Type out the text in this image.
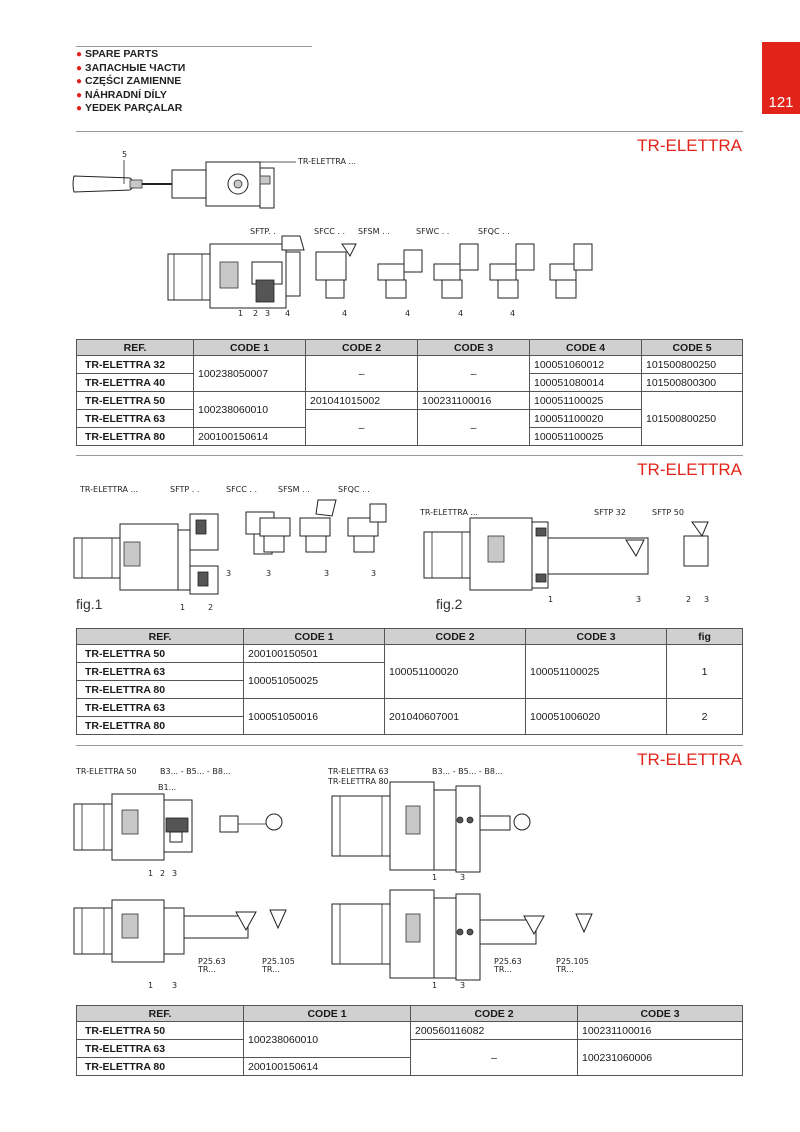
● SPARE PARTS
● ЗАПАСНЫЕ ЧАСТИ
● CZĘŚCI ZAMIENNE
● NÁHRADNÍ DÍLY
● YEDEK PARÇALAR	121
TR-ELETTRA
5
TR-ELETTRA ...
SFTP. .	SFCC . . SFSM . .	SFWC . .	SFQC . .
1 2 3 4	4	4	4	4
REF.	CODE 1	CODE 2	CODE 3	CODE 4	CODE 5
TR-ELETTRA 32	100238050007	–	–	100051060012	101500800250
TR-ELETTRA 40				100051080014	101500800300
TR-ELETTRA 50	100238060010	201041015002	100231100016	100051100025	101500800250
TR-ELETTRA 63		–	–	100051100020	
TR-ELETTRA 80	200100150614			100051100025	
TR-ELETTRA
TR-ELETTRA ...	SFTP . .	SFCC . .	SFSM . .	SFQC . .
1	2
3	3	3	3
TR-ELETTRA ...	SFTP 32	SFTP 50
1	3	2 3
fig.1	fig.2
REF.	CODE 1	CODE 2	CODE 3	fig
TR-ELETTRA 50	200100150501	100051100020	100051100025	1
TR-ELETTRA 63	100051050025			
TR-ELETTRA 80				
TR-ELETTRA 63	100051050016	201040607001	100051006020	2
TR-ELETTRA 80				
TR-ELETTRA
TR-ELETTRA 50	B3... - B5... - B8...
B1...
1 2 3
TR-ELETTRA 63
TR-ELETTRA 80
B3... - B5... - B8...
1	3
P25.63
TR...
P25.105
TR...
1 3
P25.63
TR...
P25.105
TR...
1	3
REF.	CODE 1	CODE 2	CODE 3
TR-ELETTRA 50	100238060010	200560116082	100231100016
TR-ELETTRA 63		–	100231060006
TR-ELETTRA 80	200100150614		
